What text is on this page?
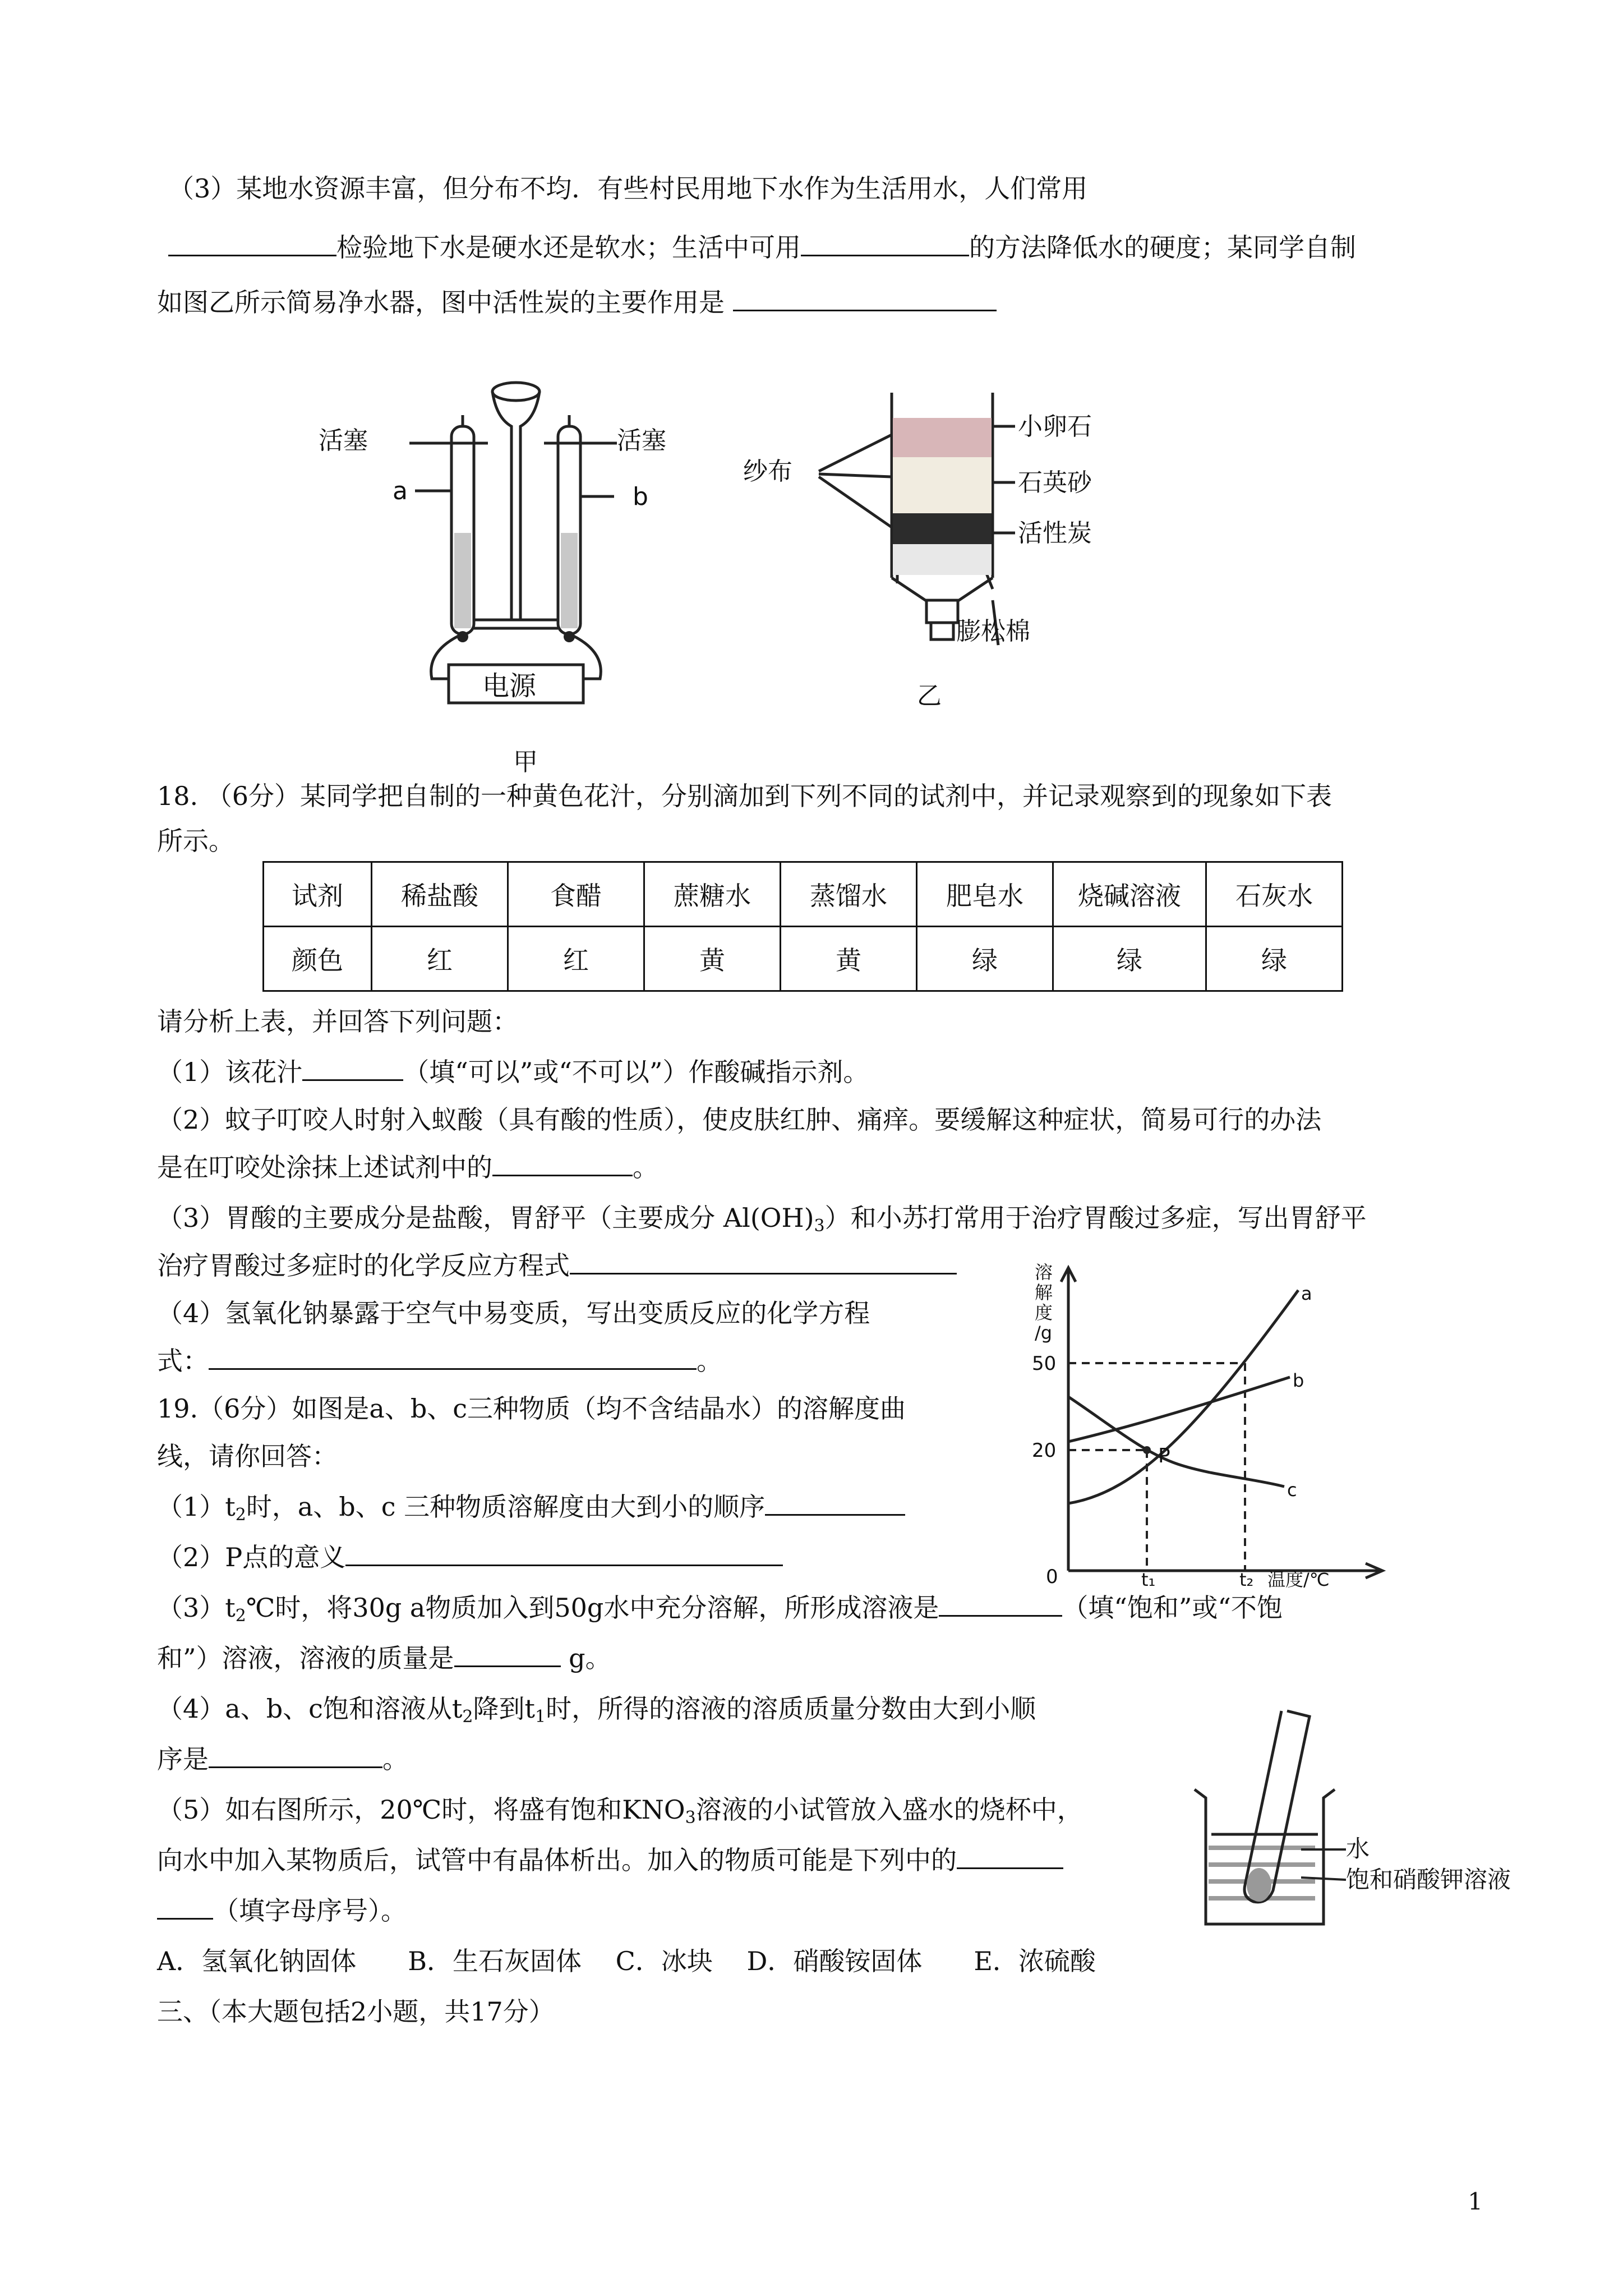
（3）某地水资源丰富，但分布不均．有些村民用地下水作为生活用水，人们常用
检验地下水是硬水还是软水；生活中可用	的方法降低水的硬度；某同学自制
如图乙所示简易净水器，图中活性炭的主要作用是
活塞	活塞
a	b
电源
甲
纱布
小卵石
石英砂
活性炭
膨松棉
乙
18. （6分）某同学把自制的一种黄色花汁，分别滴加到下列不同的试剂中，并记录观察到的现象如下表
所示。
试剂	稀盐酸	食醋	蔗糖水	蒸馏水	肥皂水	烧碱溶液	石灰水
颜色	红	红	黄	黄	绿	绿	绿
请分析上表，并回答下列问题：
（1）该花汁	（填“可以”或“不可以”）作酸碱指示剂。
（2）蚊子叮咬人时射入蚁酸（具有酸的性质），使皮肤红肿、痛痒。要缓解这种症状，简易可行的办法
是在叮咬处涂抹上述试剂中的	。
（3）胃酸的主要成分是盐酸，胃舒平（主要成分 $Al(OH)_3$）和小苏打常用于治疗胃酸过多症，写出胃舒平
治疗胃酸过多症时的化学反应方程式
（4）氢氧化钠暴露于空气中易变质，写出变质反应的化学方程
式：	。
溶
解
度
/g
50
20
0	t₁	t₂ 温度/℃
a
b
c
P
19.（6分）如图是a、b、c三种物质（均不含结晶水）的溶解度曲
线，请你回答：
$(1)t_2$时，a、b、c 三种物质溶解度由大到小的顺序
（2）P点的意义
$(3)t_2℃$时，将30g a物质加入到50g水中充分溶解，所形成溶液是	（填“饱和”或“不饱
和”）溶液，溶液的质量是	g。
（4）a、b、c饱和溶液从$t_2$降到$t_1$时，所得的溶液的溶质质量分数由大到小顺
序是	。
（5）如右图所示，20℃时，将盛有饱和$KNO_3$溶液的小试管放入盛水的烧杯中，
向水中加入某物质后，试管中有晶体析出。加入的物质可能是下列中的
（填字母序号）。
A．氢氧化钠固体　　B．生石灰固体　 C．冰块　 D．硝酸铵固体　　E．浓硫酸
水
饱和硝酸钾溶液
三、（本大题包括2小题，共17分）
1
